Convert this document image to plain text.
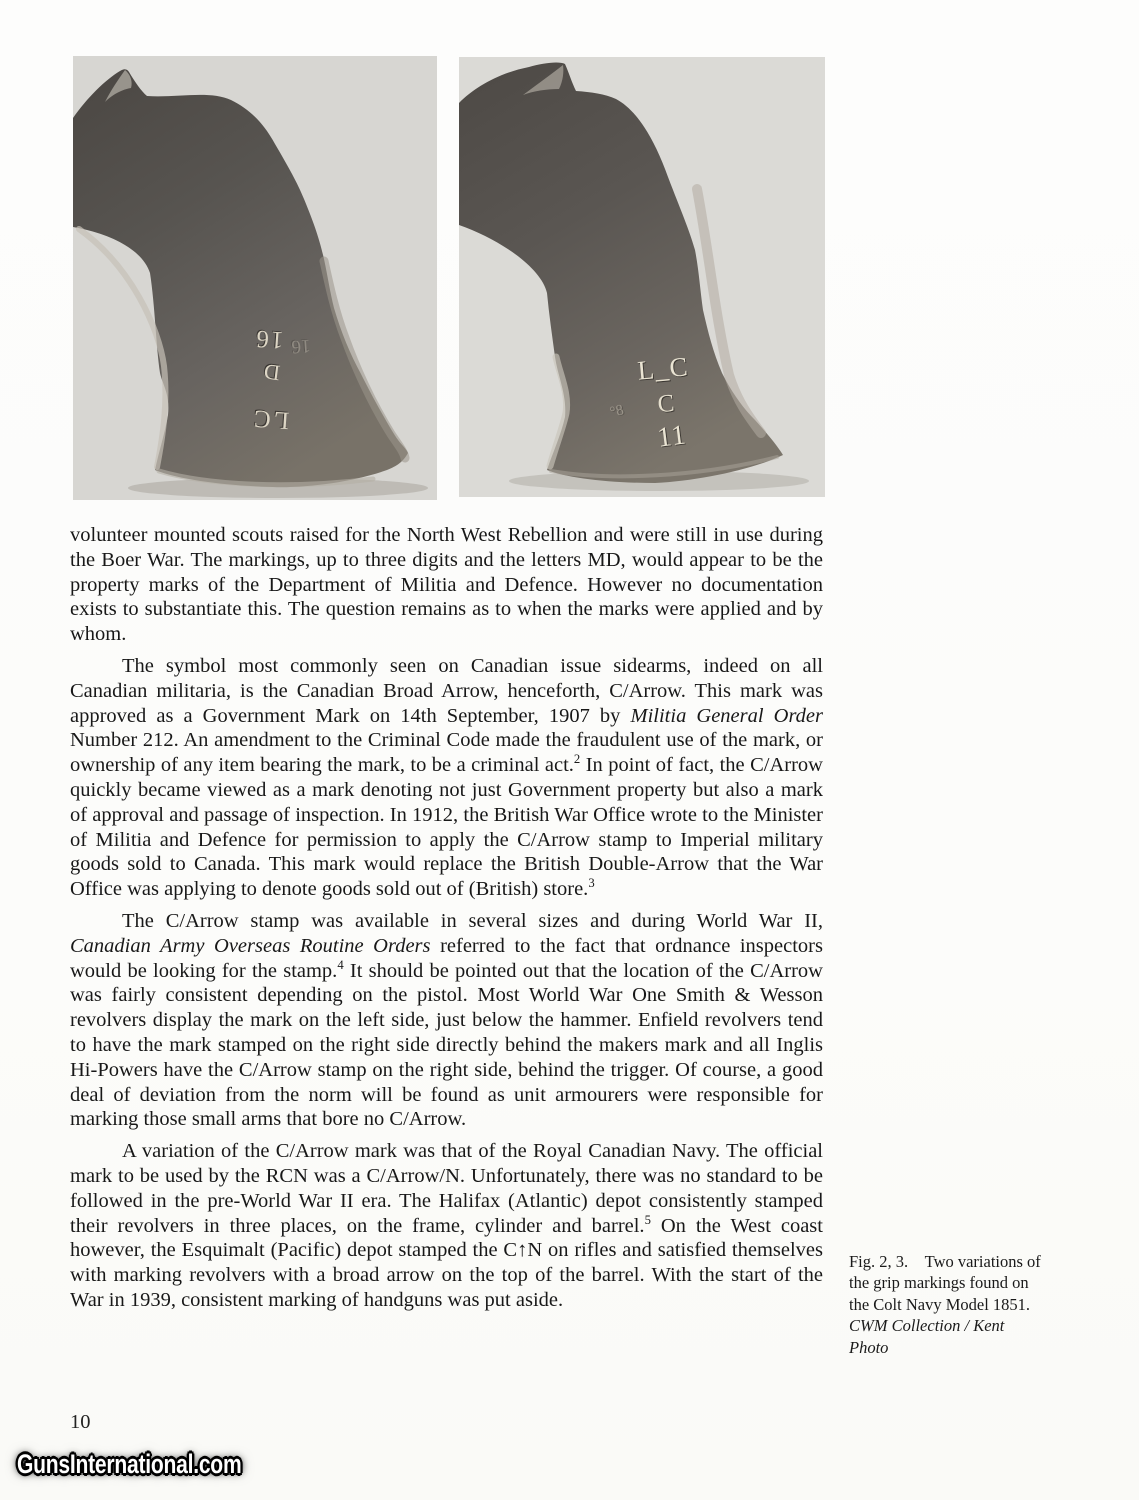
16 16
D
LC	°8
L_C
C
11

volunteer mounted scouts raised for the North West Rebellion and were still in use during the Boer War. The markings, up to three digits and the letters MD, would appear to be the property marks of the Department of Militia and Defence. However no documentation exists to substantiate this. The question remains as to when the marks were applied and by whom.

The symbol most commonly seen on Canadian issue sidearms, indeed on all Canadian militaria, is the Canadian Broad Arrow, henceforth, C/Arrow. This mark was approved as a Government Mark on 14th September, 1907 by Militia General Order Number 212. An amendment to the Criminal Code made the fraudulent use of the mark, or ownership of any item bearing the mark, to be a criminal act.$^2$ In point of fact, the C/Arrow quickly became viewed as a mark denoting not just Government property but also a mark of approval and passage of inspection. In 1912, the British War Office wrote to the Minister of Militia and Defence for permission to apply the C/Arrow stamp to Imperial military goods sold to Canada. This mark would replace the British Double-Arrow that the War Office was applying to denote goods sold out of (British) store.$^3$

The C/Arrow stamp was available in several sizes and during World War II, Canadian Army Overseas Routine Orders referred to the fact that ordnance inspectors would be looking for the stamp.$^4$ It should be pointed out that the location of the C/Arrow was fairly consistent depending on the pistol. Most World War One Smith & Wesson revolvers display the mark on the left side, just below the hammer. Enfield revolvers tend to have the mark stamped on the right side directly behind the makers mark and all Inglis Hi-Powers have the C/Arrow stamp on the right side, behind the trigger. Of course, a good deal of deviation from the norm will be found as unit armourers were responsible for marking those small arms that bore no C/Arrow.

A variation of the C/Arrow mark was that of the Royal Canadian Navy. The official mark to be used by the RCN was a C/Arrow/N. Unfortunately, there was no standard to be followed in the pre-World War II era. The Halifax (Atlantic) depot consistently stamped their revolvers in three places, on the frame, cylinder and barrel.$^5$ On the West coast however, the Esquimalt (Pacific) depot stamped the C↑N on rifles and satisfied themselves with marking revolvers with a broad arrow on the top of the barrel. With the start of the War in 1939, consistent marking of handguns was put aside.

Fig. 2, 3. Two variations of the grip markings found on the Colt Navy Model 1851. CWM Collection / Kent Photo
10
GunsInternational.com
